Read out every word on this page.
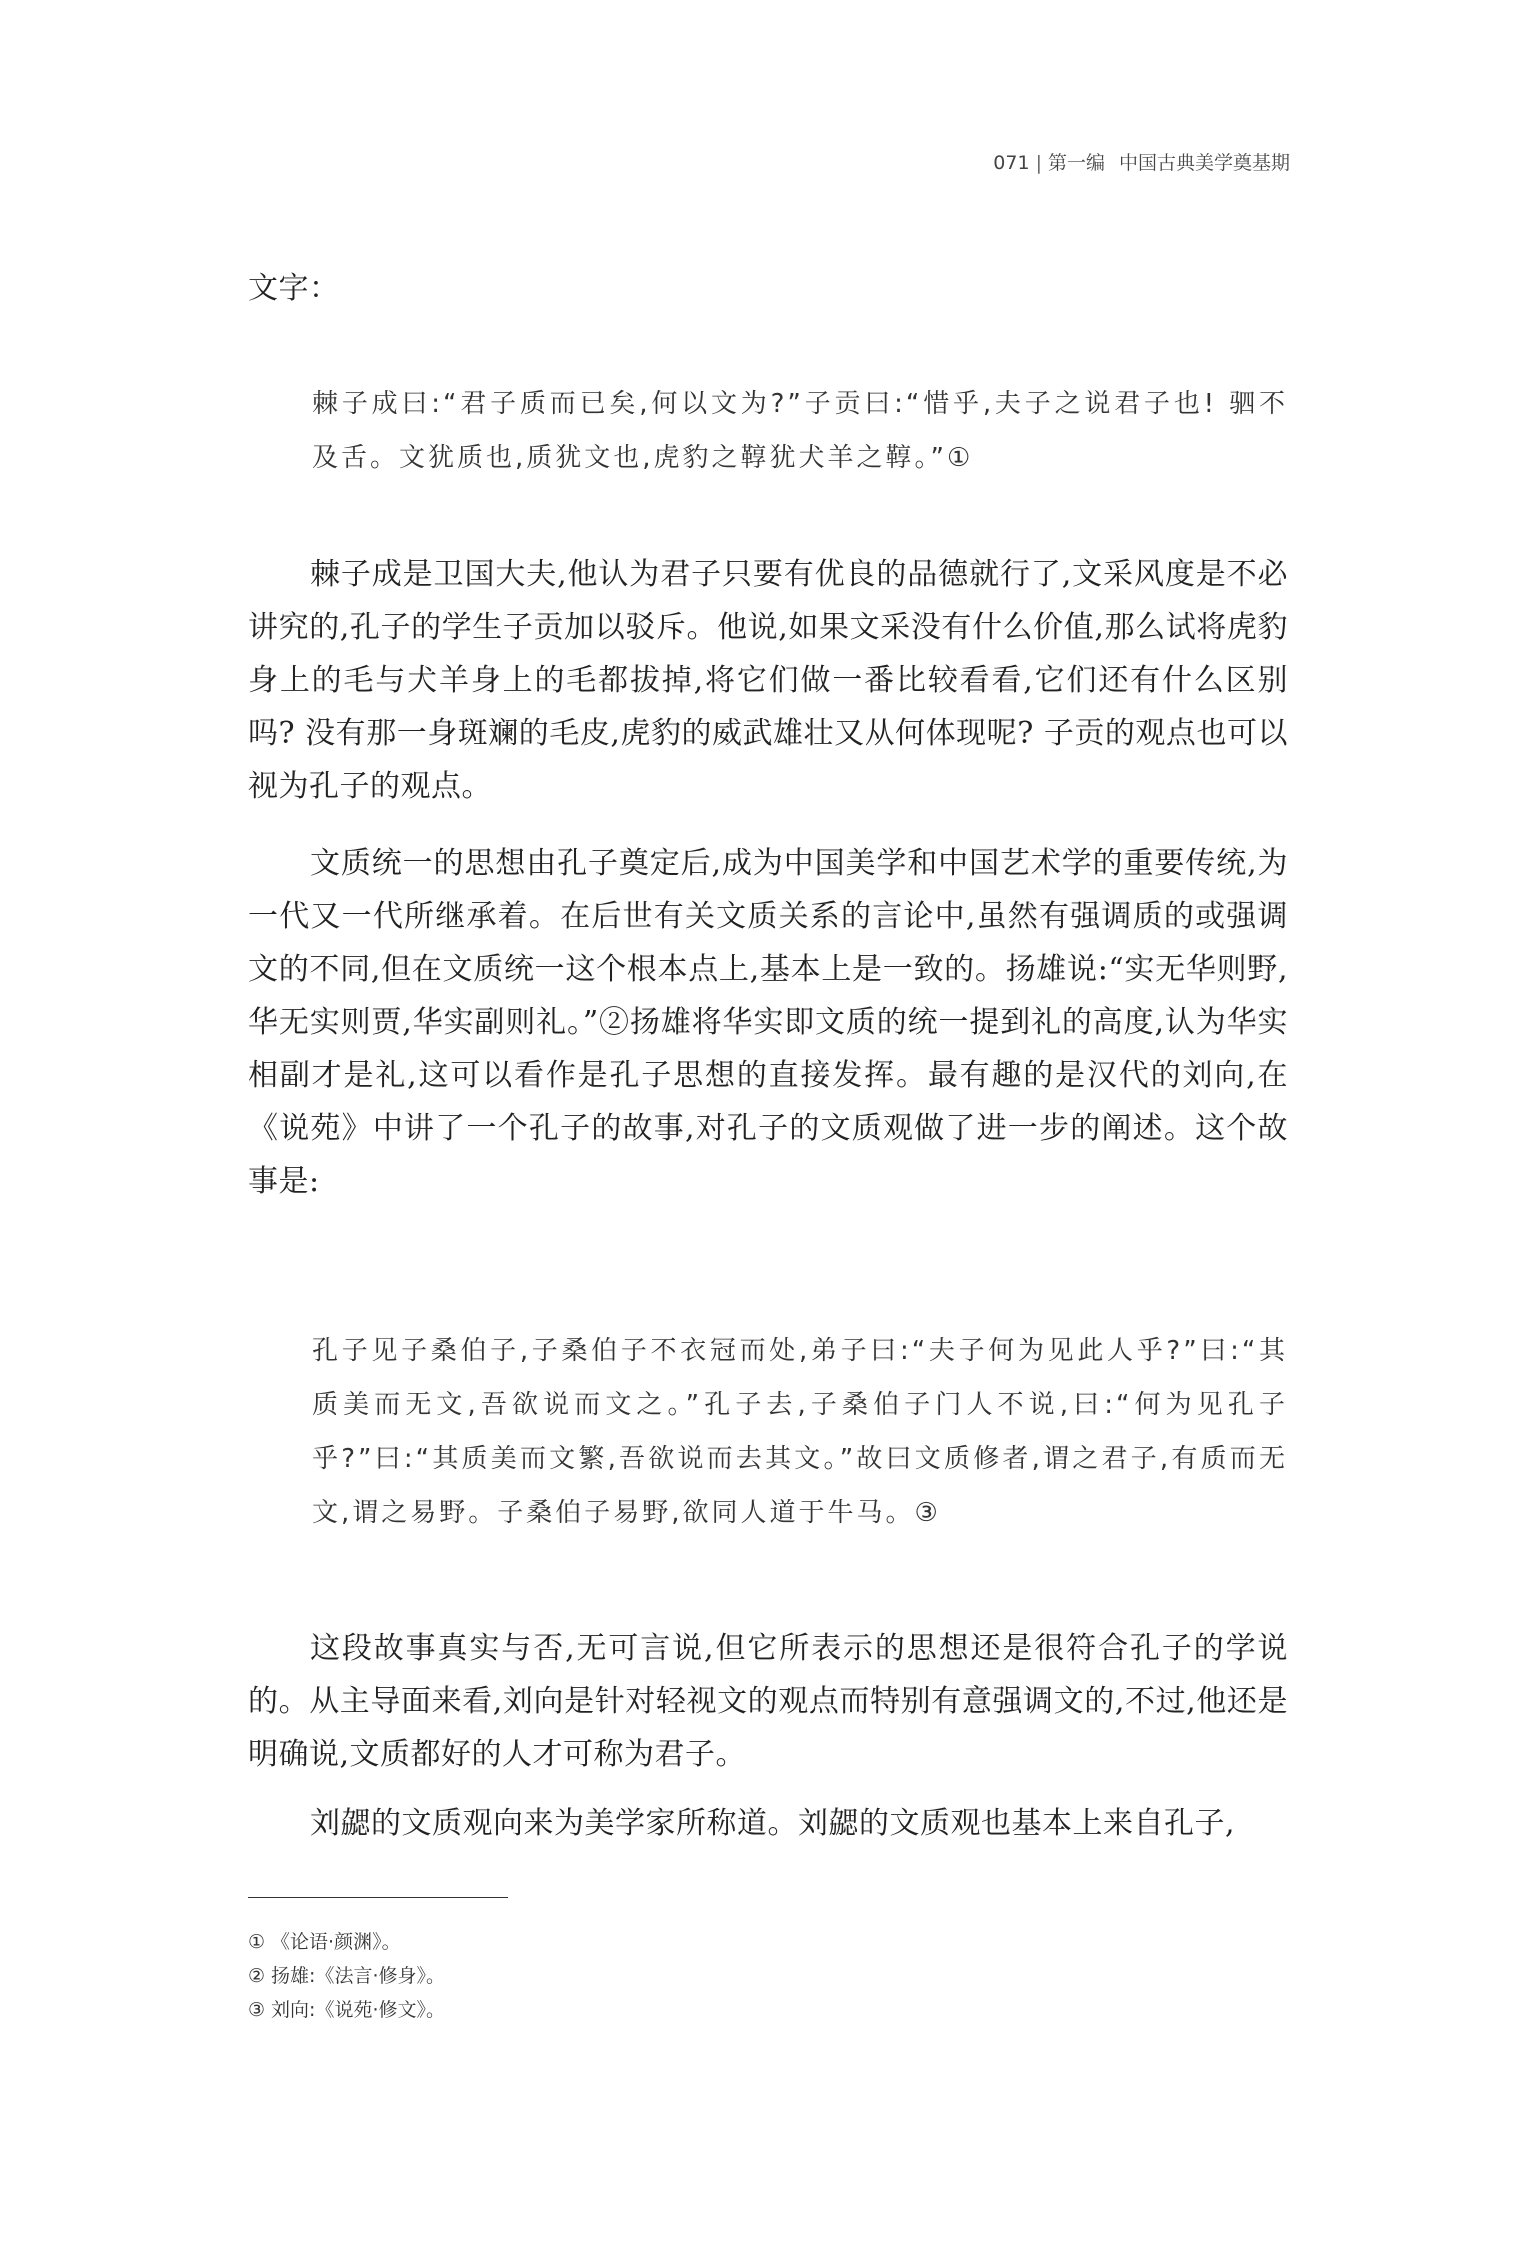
071 | 第一编 中国古典美学奠基期

文字：

棘子成曰:“君子质而已矣,何以文为?”子贡曰:“惜乎,夫子之说君子也! 驷不及舌。文犹质也,质犹文也,虎豹之鞟犹犬羊之鞟。”①

棘子成是卫国大夫,他认为君子只要有优良的品德就行了,文采风度是不必讲究的,孔子的学生子贡加以驳斥。他说,如果文采没有什么价值,那么试将虎豹身上的毛与犬羊身上的毛都拔掉,将它们做一番比较看看,它们还有什么区别吗? 没有那一身斑斓的毛皮,虎豹的威武雄壮又从何体现呢? 子贡的观点也可以视为孔子的观点。

文质统一的思想由孔子奠定后,成为中国美学和中国艺术学的重要传统,为一代又一代所继承着。在后世有关文质关系的言论中,虽然有强调质的或强调文的不同,但在文质统一这个根本点上,基本上是一致的。扬雄说:“实无华则野,华无实则贾,华实副则礼。”②扬雄将华实即文质的统一提到礼的高度,认为华实相副才是礼,这可以看作是孔子思想的直接发挥。最有趣的是汉代的刘向,在《说苑》中讲了一个孔子的故事,对孔子的文质观做了进一步的阐述。这个故事是:

孔子见子桑伯子,子桑伯子不衣冠而处,弟子曰:“夫子何为见此人乎?”曰:“其质美而无文,吾欲说而文之。”孔子去,子桑伯子门人不说,曰:“何为见孔子乎?”曰:“其质美而文繁,吾欲说而去其文。”故曰文质修者,谓之君子,有质而无文,谓之易野。子桑伯子易野,欲同人道于牛马。③

这段故事真实与否,无可言说,但它所表示的思想还是很符合孔子的学说的。从主导面来看,刘向是针对轻视文的观点而特别有意强调文的,不过,他还是明确说,文质都好的人才可称为君子。

刘勰的文质观向来为美学家所称道。刘勰的文质观也基本上来自孔子,

① 《论语·颜渊》。
② 扬雄:《法言·修身》。
③ 刘向:《说苑·修文》。
